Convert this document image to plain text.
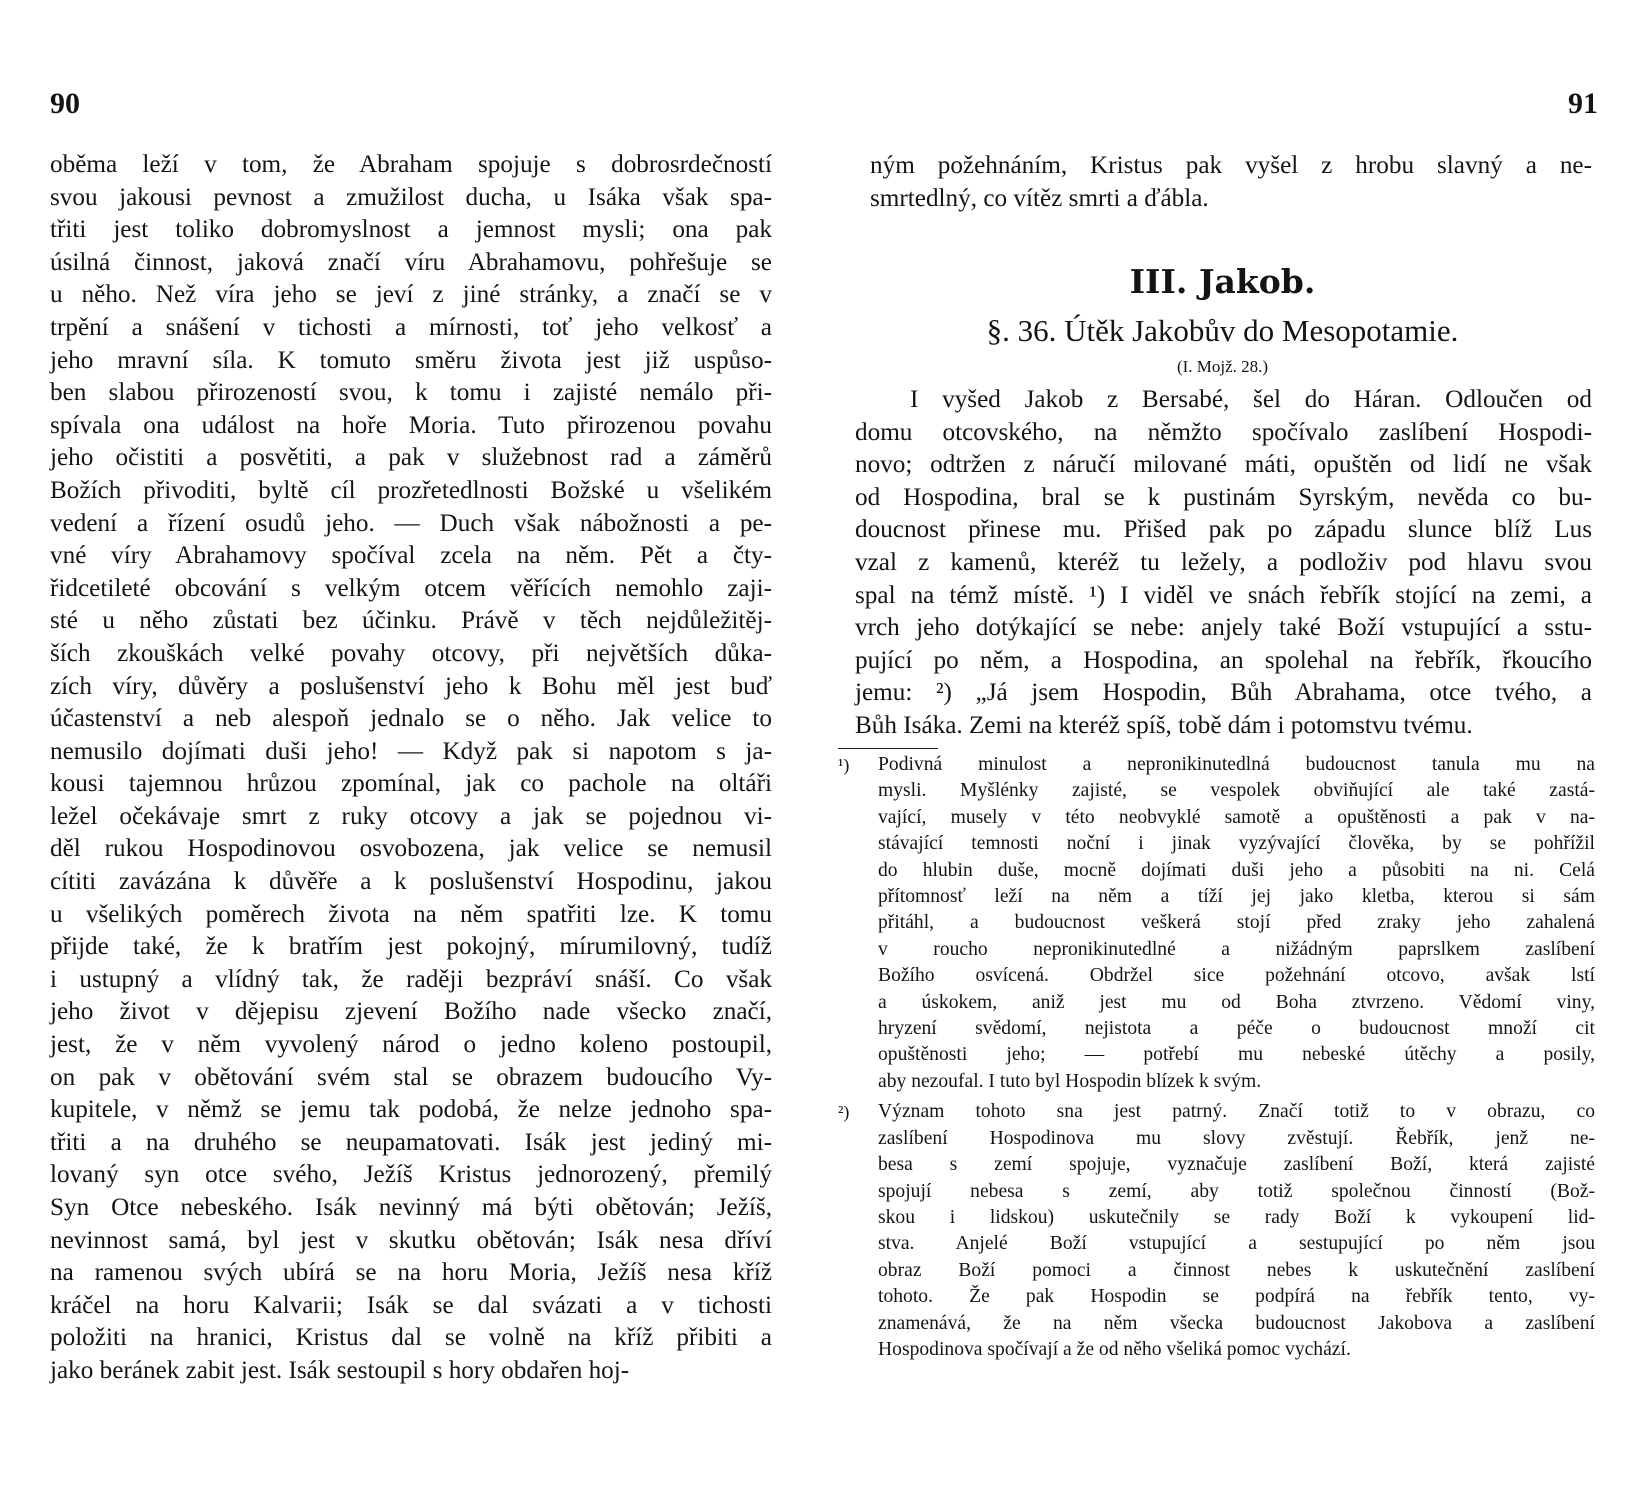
90
oběma leží v tom, že Abraham spojuje s dobrosrdečností
svou jakousi pevnost a zmužilost ducha, u Isáka však spa-
třiti jest toliko dobromyslnost a jemnost mysli; ona pak
úsilná činnost, jaková značí víru Abrahamovu, pohřešuje se
u něho. Než víra jeho se jeví z jiné stránky, a značí se v
trpění a snášení v tichosti a mírnosti, toť jeho velkosť a
jeho mravní síla. K tomuto směru života jest již uspůso-
ben slabou přirozeností svou, k tomu i zajisté nemálo při-
spívala ona událost na hoře Moria. Tuto přirozenou povahu
jeho očistiti a posvětiti, a pak v služebnost rad a záměrů
Božích přivoditi, byltě cíl prozřetedlnosti Božské u všelikém
vedení a řízení osudů jeho. — Duch však nábožnosti a pe-
vné víry Abrahamovy spočíval zcela na něm. Pět a čty-
řidcetileté obcování s velkým otcem věřících nemohlo zaji-
sté u něho zůstati bez účinku. Právě v těch nejdůležitěj-
ších zkouškách velké povahy otcovy, při největších důka-
zích víry, důvěry a poslušenství jeho k Bohu měl jest buď
účastenství a neb alespoň jednalo se o něho. Jak velice to
nemusilo dojímati duši jeho! — Když pak si napotom s ja-
kousi tajemnou hrůzou zpomínal, jak co pachole na oltáři
ležel očekávaje smrt z ruky otcovy a jak se pojednou vi-
děl rukou Hospodinovou osvobozena, jak velice se nemusil
cítiti zavázána k důvěře a k poslušenství Hospodinu, jakou
u všelikých poměrech života na něm spatřiti lze. K tomu
přijde také, že k bratřím jest pokojný, mírumilovný, tudíž
i ustupný a vlídný tak, že raději bezpráví snáší. Co však
jeho život v dějepisu zjevení Božího nade všecko značí,
jest, že v něm vyvolený národ o jedno koleno postoupil,
on pak v obětování svém stal se obrazem budoucího Vy-
kupitele, v němž se jemu tak podobá, že nelze jednoho spa-
třiti a na druhého se neupamatovati. Isák jest jediný mi-
lovaný syn otce svého, Ježíš Kristus jednorozený, přemilý
Syn Otce nebeského. Isák nevinný má býti obětován; Ježíš,
nevinnost samá, byl jest v skutku obětován; Isák nesa dříví
na ramenou svých ubírá se na horu Moria, Ježíš nesa kříž
kráčel na horu Kalvarii; Isák se dal svázati a v tichosti
položiti na hranici, Kristus dal se volně na kříž přibiti a
jako beránek zabit jest. Isák sestoupil s hory obdařen hoj-
91
ným požehnáním, Kristus pak vyšel z hrobu slavný a ne-
smrtedlný, co vítěz smrti a ďábla.
III. Jakob.
§. 36. Útěk Jakobův do Mesopotamie.
(I. Mojž. 28.)
I vyšed Jakob z Bersabé, šel do Háran. Odloučen od
domu otcovského, na němžto spočívalo zaslíbení Hospodi-
novo; odtržen z náručí milované máti, opuštěn od lidí ne však
od Hospodina, bral se k pustinám Syrským, nevěda co bu-
doucnost přinese mu. Přišed pak po západu slunce blíž Lus
vzal z kamenů, kteréž tu ležely, a podloživ pod hlavu svou
spal na témž místě. ¹) I viděl ve snách řebřík stojící na zemi, a
vrch jeho dotýkající se nebe: anjely také Boží vstupující a sstu-
pující po něm, a Hospodina, an spolehal na řebřík, řkoucího
jemu: ²) „Já jsem Hospodin, Bůh Abrahama, otce tvého, a
Bůh Isáka. Zemi na kteréž spíš, tobě dám i potomstvu tvému.
¹) Podivná minulost a nepronikinutedlná budoucnost tanula mu na
mysli. Myšlénky zajisté, se vespolek obviňující ale také zastá-
vající, musely v této neobvyklé samotě a opuštěnosti a pak v na-
stávající temnosti noční i jinak vyzývající člověka, by se pohřížil
do hlubin duše, mocně dojímati duši jeho a působiti na ni. Celá
přítomnosť leží na něm a tíží jej jako kletba, kterou si sám
přitáhl, a budoucnost veškerá stojí před zraky jeho zahalená
v roucho nepronikinutedlné a nižádným paprslkem zaslíbení
Božího osvícená. Obdržel sice požehnání otcovo, avšak lstí
a úskokem, aniž jest mu od Boha ztvrzeno. Vědomí viny,
hryzení svědomí, nejistota a péče o budoucnost množí cit
opuštěnosti jeho; — potřebí mu nebeské útěchy a posily,
aby nezoufal. I tuto byl Hospodin blízek k svým.
²) Význam tohoto sna jest patrný. Značí totiž to v obrazu, co
zaslíbení Hospodinova mu slovy zvěstují. Řebřík, jenž ne-
besa s zemí spojuje, vyznačuje zaslíbení Boží, která zajisté
spojují nebesa s zemí, aby totiž společnou činností (Bož-
skou i lidskou) uskutečnily se rady Boží k vykoupení lid-
stva. Anjelé Boží vstupující a sestupující po něm jsou
obraz Boží pomoci a činnost nebes k uskutečnění zaslíbení
tohoto. Že pak Hospodin se podpírá na řebřík tento, vy-
znamenává, že na něm všecka budoucnost Jakobova a zaslíbení
Hospodinova spočívají a že od něho všeliká pomoc vychází.
